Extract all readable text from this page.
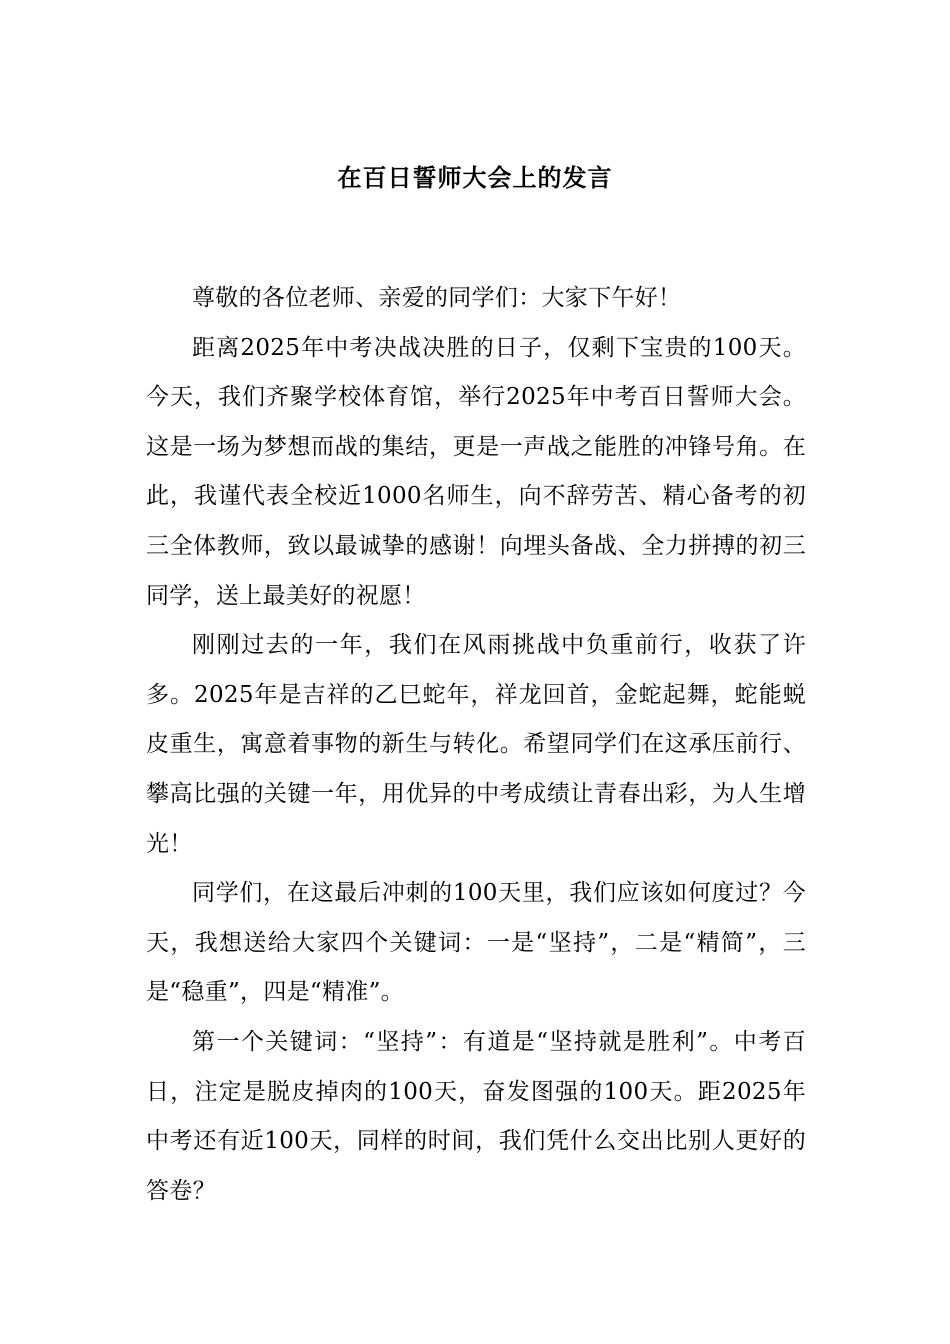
在百日誓师大会上的发言

尊敬的各位老师、亲爱的同学们：大家下午好！

距离2025年中考决战决胜的日子，仅剩下宝贵的100天。今天，我们齐聚学校体育馆，举行2025年中考百日誓师大会。这是一场为梦想而战的集结，更是一声战之能胜的冲锋号角。在此，我谨代表全校近1000名师生，向不辞劳苦、精心备考的初三全体教师，致以最诚挚的感谢！向埋头备战、全力拼搏的初三同学，送上最美好的祝愿！

刚刚过去的一年，我们在风雨挑战中负重前行，收获了许多。2025年是吉祥的乙巳蛇年，祥龙回首，金蛇起舞，蛇能蜕皮重生，寓意着事物的新生与转化。希望同学们在这承压前行、攀高比强的关键一年，用优异的中考成绩让青春出彩，为人生增光！

同学们，在这最后冲刺的100天里，我们应该如何度过？今天，我想送给大家四个关键词：一是“坚持”，二是“精简”，三是“稳重”，四是“精准”。

第一个关键词：“坚持”：有道是“坚持就是胜利”。中考百日，注定是脱皮掉肉的100天，奋发图强的100天。距2025年中考还有近100天，同样的时间，我们凭什么交出比别人更好的答卷？
